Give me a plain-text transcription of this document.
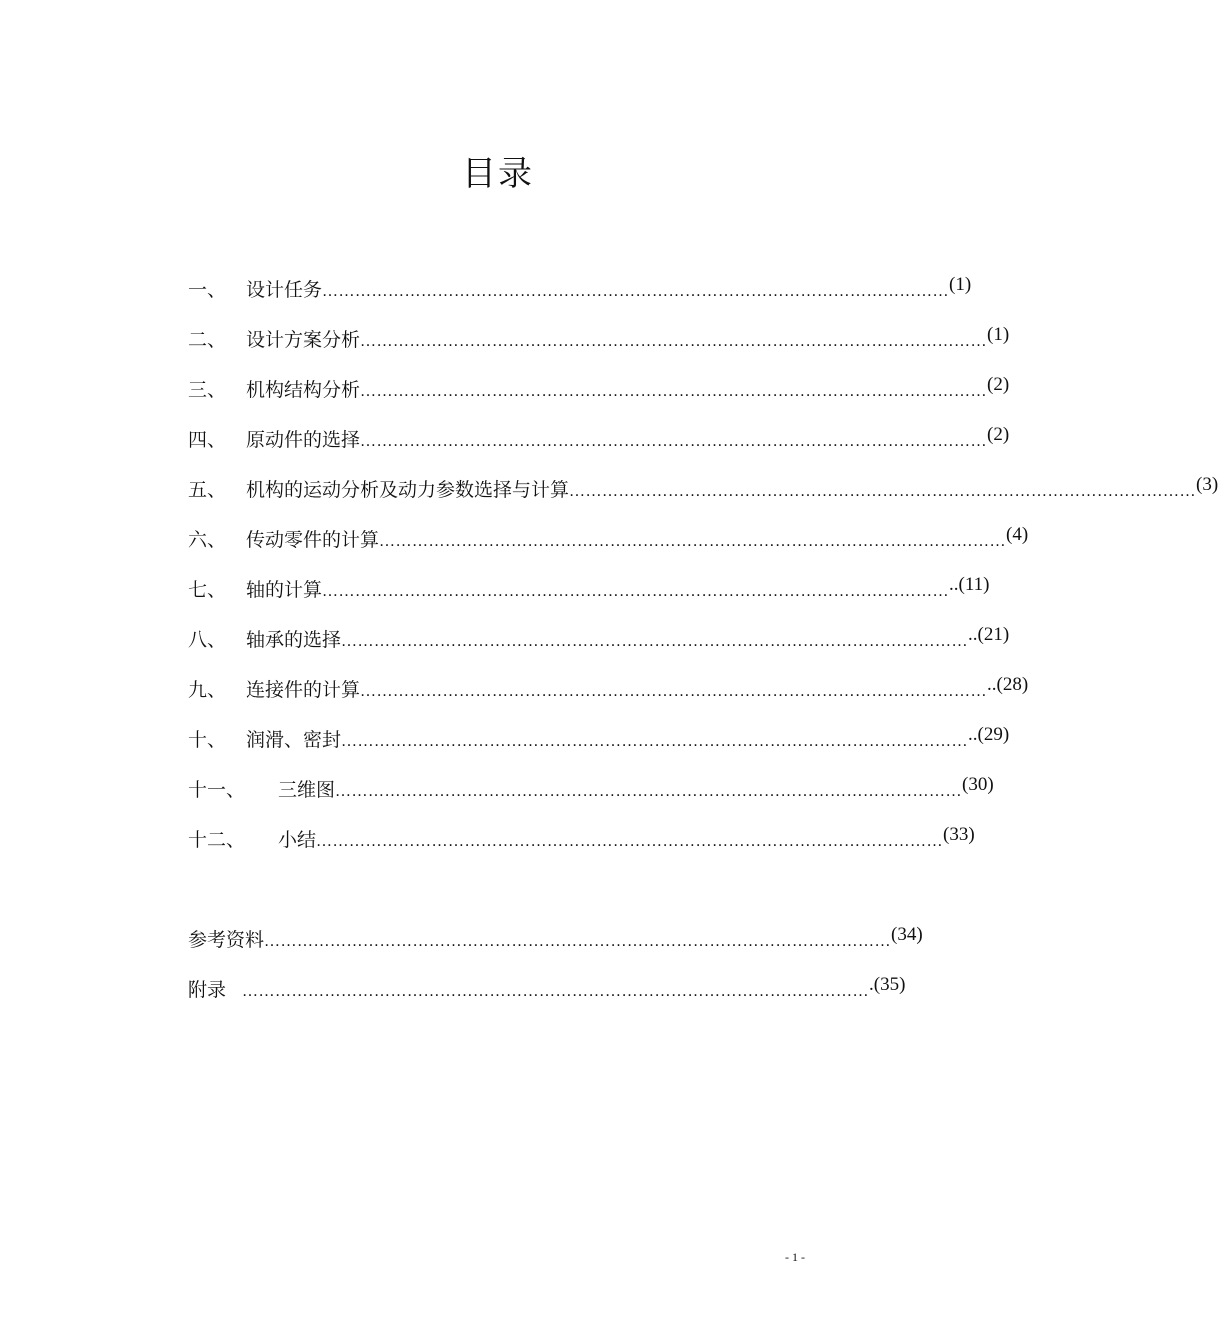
目录
一、 设计任务 …………………………………………………………………………………………………… (1)
二、 设计方案分析 …………………………………………………………………………………………………… (1)
三、 机构结构分析 …………………………………………………………………………………………………… (2)
四、 原动件的选择 …………………………………………………………………………………………………… (2)
五、 机构的运动分析及动力参数选择与计算 …………………………………………………………………………………………………… (3)
六、 传动零件的计算 …………………………………………………………………………………………………… (4)
七、 轴的计算 …………………………………………………………………………………………………… ..(11)
八、 轴承的选择 …………………………………………………………………………………………………… ..(21)
九、 连接件的计算 …………………………………………………………………………………………………… ..(28)
十、 润滑、密封 …………………………………………………………………………………………………… ..(29)
十一、 三维图 …………………………………………………………………………………………………… (30)
十二、 小结 …………………………………………………………………………………………………… (33)
参考资料 …………………………………………………………………………………………………… (34)
附录 …………………………………………………………………………………………………… .(35)
- 1 -
